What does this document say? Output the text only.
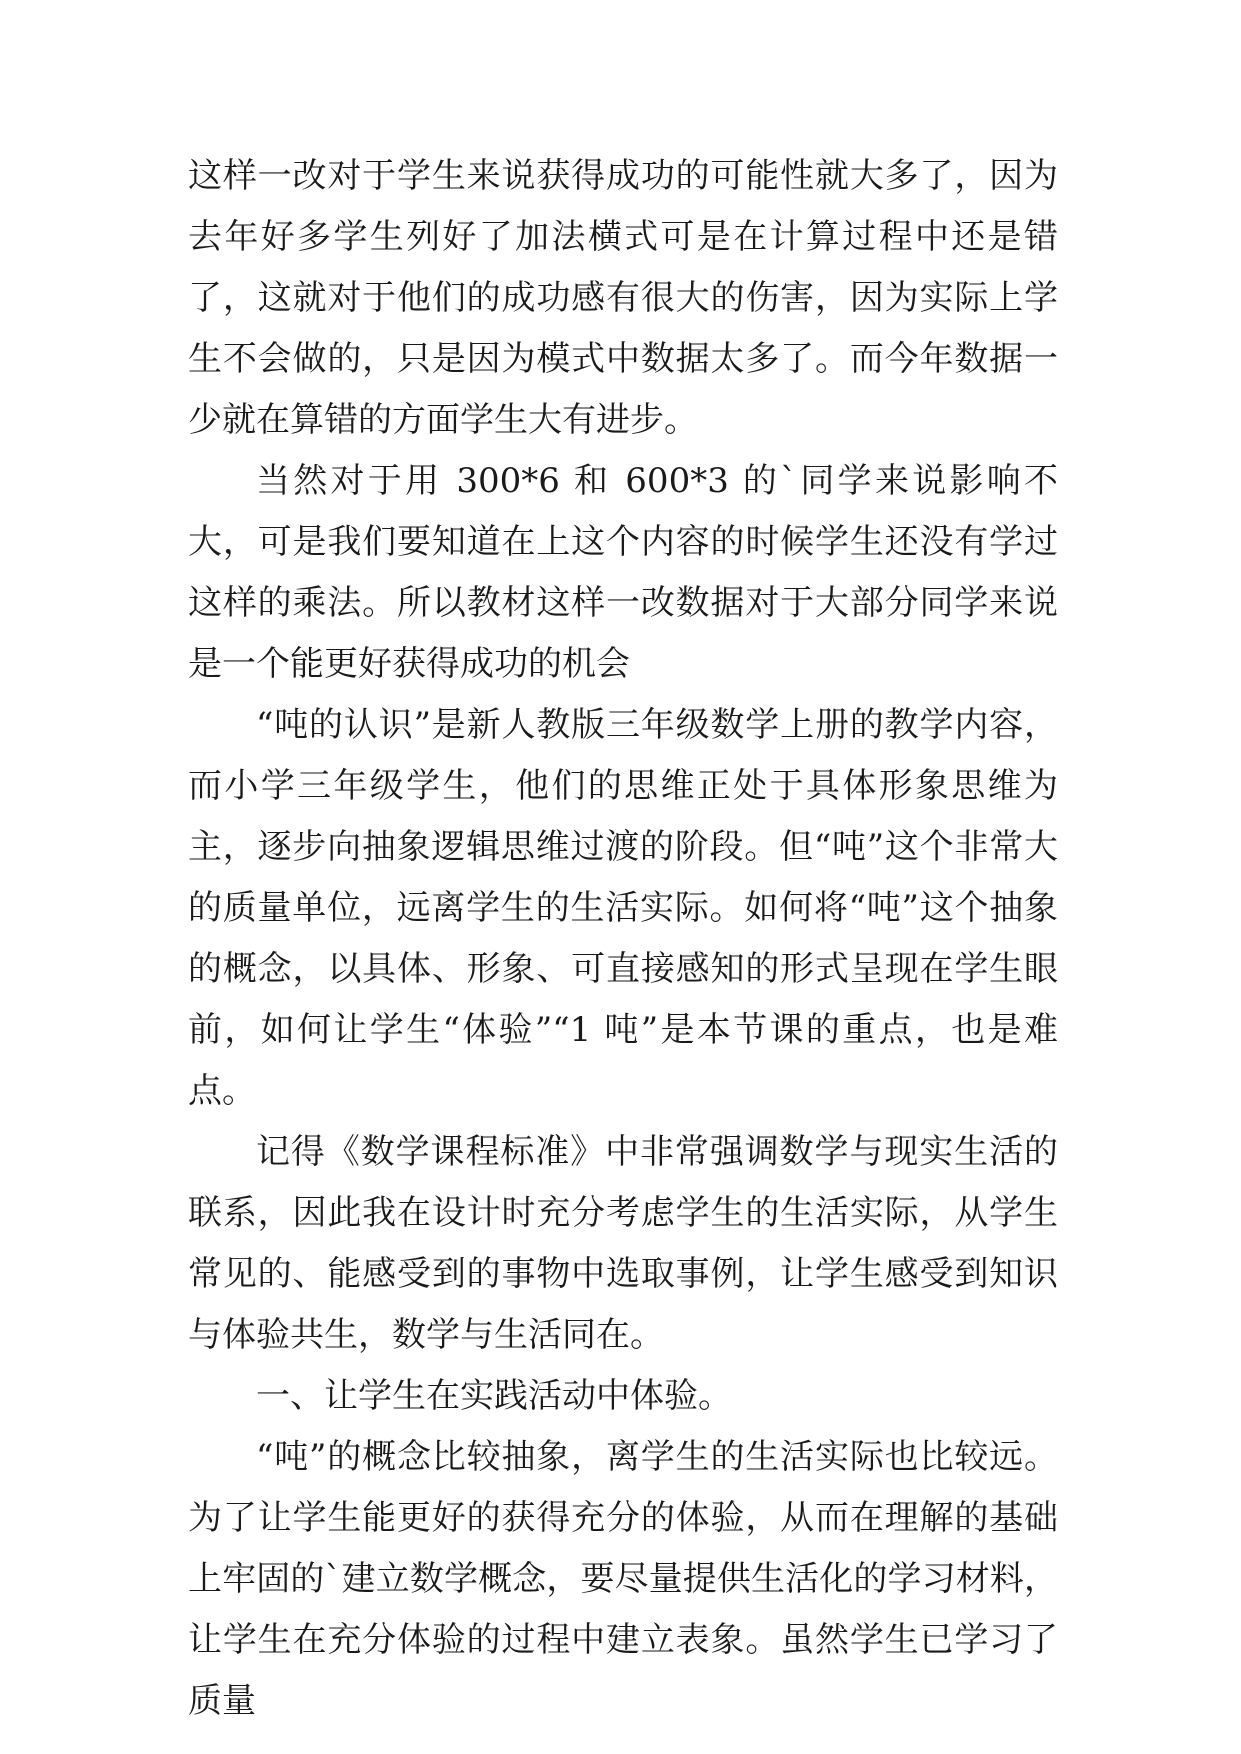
这样一改对于学生来说获得成功的可能性就大多了，因为去年好多学生列好了加法横式可是在计算过程中还是错了，这就对于他们的成功感有很大的伤害，因为实际上学生不会做的，只是因为模式中数据太多了。而今年数据一少就在算错的方面学生大有进步。

当然对于用 300*6 和 600*3 的`同学来说影响不大，可是我们要知道在上这个内容的时候学生还没有学过这样的乘法。所以教材这样一改数据对于大部分同学来说是一个能更好获得成功的机会

“吨的认识”是新人教版三年级数学上册的教学内容，而小学三年级学生，他们的思维正处于具体形象思维为主，逐步向抽象逻辑思维过渡的阶段。但“吨”这个非常大的质量单位，远离学生的生活实际。如何将“吨”这个抽象的概念，以具体、形象、可直接感知的形式呈现在学生眼前，如何让学生“体验”“1 吨”是本节课的重点，也是难点。

记得《数学课程标准》中非常强调数学与现实生活的联系，因此我在设计时充分考虑学生的生活实际，从学生常见的、能感受到的事物中选取事例，让学生感受到知识与体验共生，数学与生活同在。

一、让学生在实践活动中体验。

“吨”的概念比较抽象，离学生的生活实际也比较远。为了让学生能更好的获得充分的体验，从而在理解的基础上牢固的`建立数学概念，要尽量提供生活化的学习材料，让学生在充分体验的过程中建立表象。虽然学生已学习了质量
